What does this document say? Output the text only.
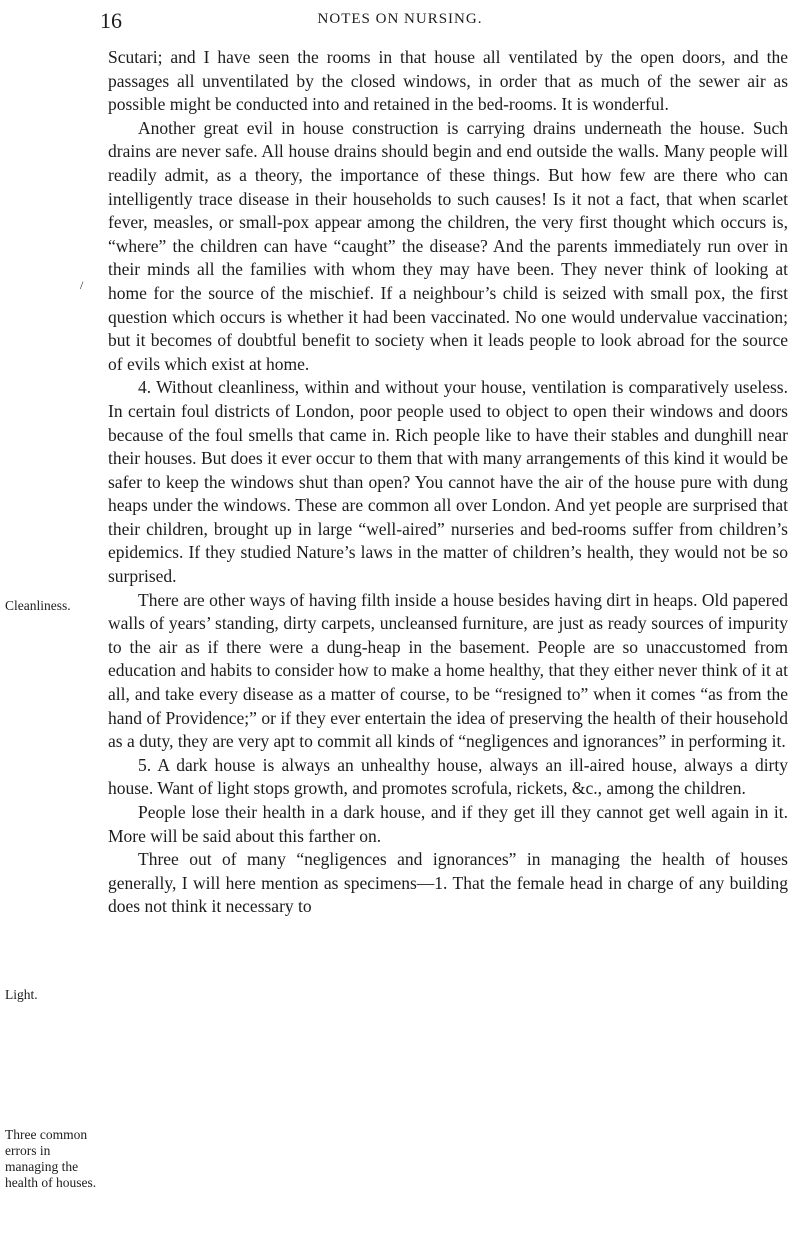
16	NOTES ON NURSING.
/
Cleanliness.
Light.
Three common errors in managing the health of houses.

Scutari; and I have seen the rooms in that house all ventilated by the open doors, and the passages all unventilated by the closed windows, in order that as much of the sewer air as possible might be conducted into and retained in the bed-rooms. It is wonderful.

Another great evil in house construction is carrying drains underneath the house. Such drains are never safe. All house drains should begin and end outside the walls. Many people will readily admit, as a theory, the importance of these things. But how few are there who can intelligently trace disease in their households to such causes! Is it not a fact, that when scarlet fever, measles, or small-pox appear among the children, the very first thought which occurs is, “where” the children can have “caught” the disease? And the parents immediately run over in their minds all the families with whom they may have been. They never think of looking at home for the source of the mischief. If a neighbour’s child is seized with small pox, the first question which occurs is whether it had been vaccinated. No one would undervalue vaccination; but it becomes of doubtful benefit to society when it leads people to look abroad for the source of evils which exist at home.

4. Without cleanliness, within and without your house, ventilation is comparatively useless. In certain foul districts of London, poor people used to object to open their windows and doors because of the foul smells that came in. Rich people like to have their stables and dunghill near their houses. But does it ever occur to them that with many arrangements of this kind it would be safer to keep the windows shut than open? You cannot have the air of the house pure with dung heaps under the windows. These are common all over London. And yet people are surprised that their children, brought up in large “well-aired” nurseries and bed-rooms suffer from children’s epidemics. If they studied Nature’s laws in the matter of children’s health, they would not be so surprised.

There are other ways of having filth inside a house besides having dirt in heaps. Old papered walls of years’ standing, dirty carpets, uncleansed furniture, are just as ready sources of impurity to the air as if there were a dung-heap in the basement. People are so unaccustomed from education and habits to consider how to make a home healthy, that they either never think of it at all, and take every disease as a matter of course, to be “resigned to” when it comes “as from the hand of Providence;” or if they ever entertain the idea of preserving the health of their household as a duty, they are very apt to commit all kinds of “negligences and ignorances” in performing it.

5. A dark house is always an unhealthy house, always an ill-aired house, always a dirty house. Want of light stops growth, and promotes scrofula, rickets, &c., among the children.

People lose their health in a dark house, and if they get ill they cannot get well again in it. More will be said about this farther on.

Three out of many “negligences and ignorances” in managing the health of houses generally, I will here mention as specimens—1. That the female head in charge of any building does not think it necessary to
